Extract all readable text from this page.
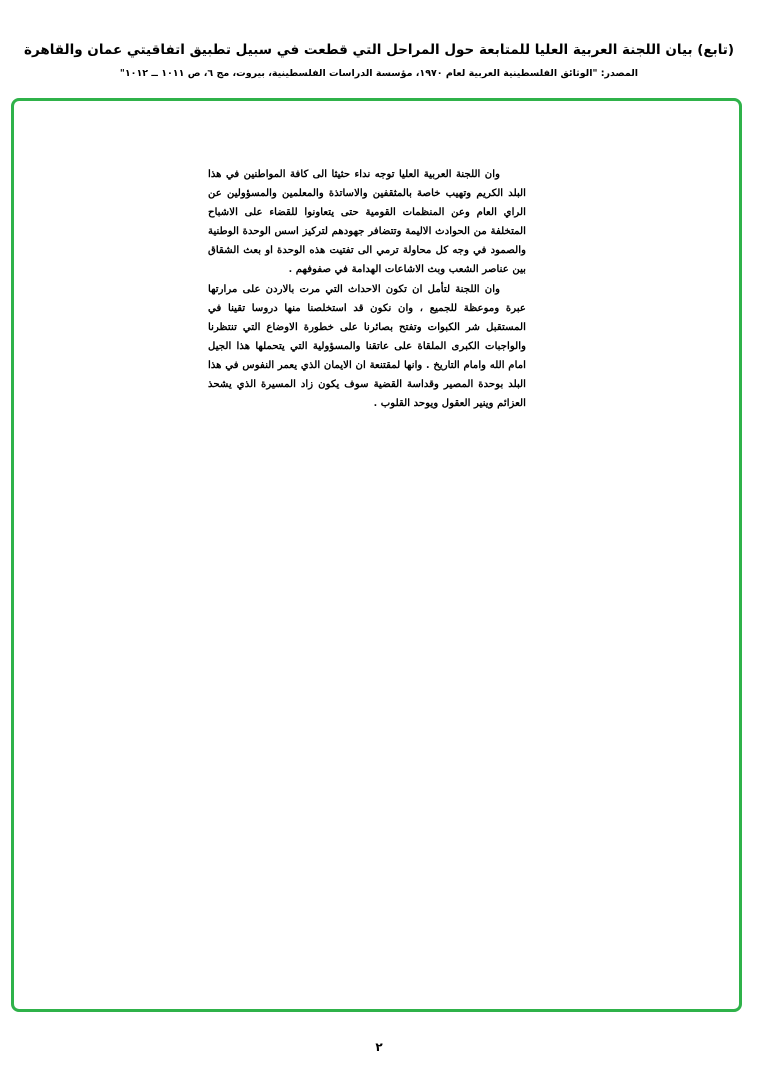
(تابع) بيان اللجنة العربية العليا للمتابعة حول المراحل التي قطعت في سبيل تطبيق اتفاقيتي عمان والقاهرة
المصدر: "الوثائق الفلسطينية العربية لعام ١٩٧٠، مؤسسة الدراسات الفلسطينية، بيروت، مج ٦، ص ١٠١١ ــ ١٠١٢"

وان اللجنة العربية العليا توجه نداء حثيثا الى كافة المواطنين في هذا البلد الكريم وتهيب خاصة بالمثقفين والاساتذة والمعلمين والمسؤولين عن الراي العام وعن المنظمات القومية حتى يتعاونوا للقضاء على الاشباح المتخلفة من الحوادث الاليمة وتتضافر جهودهم لتركيز اسس الوحدة الوطنية والصمود في وجه كل محاولة ترمي الى تفتيت هذه الوحدة او بعث الشقاق بين عناصر الشعب وبث الاشاعات الهدامة في صفوفهم .

وان اللجنة لتأمل ان تكون الاحداث التي مرت بالاردن على مرارتها عبرة وموعظة للجميع ، وان نكون قد استخلصنا منها دروسا تقينا في المستقبل شر الكبوات وتفتح بصائرنا على خطورة الاوضاع التي تنتظرنا والواجبات الكبرى الملقاة على عاتقنا والمسؤولية التي يتحملها هذا الجيل امام الله وامام التاريخ . وانها لمقتنعة ان الايمان الذي يعمر النفوس في هذا البلد بوحدة المصير وقداسة القضية سوف يكون زاد المسيرة الذي يشحذ العزائم وينير العقول ويوحد القلوب .

٢
